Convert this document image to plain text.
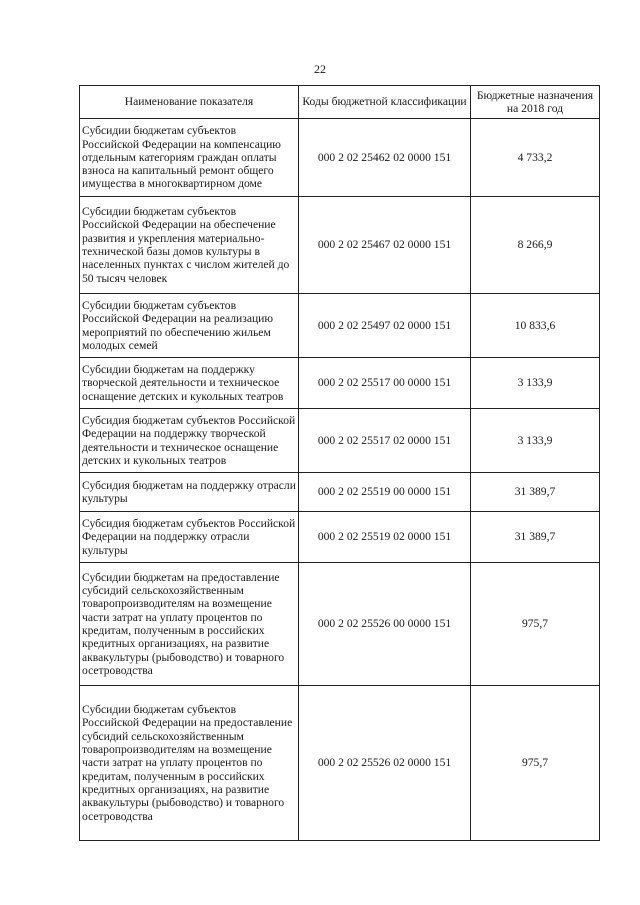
22
Наименование показателя	Коды бюджетной классификации	Бюджетные назначения на 2018 год
Субсидии бюджетам субъектов Российской Федерации на компенсацию отдельным категориям граждан оплаты взноса на капитальный ремонт общего имущества в многоквартирном доме	000 2 02 25462 02 0000 151	4 733,2
Субсидии бюджетам субъектов Российской Федерации на обеспечение развития и укрепления материально-технической базы домов культуры в населенных пунктах с числом жителей до 50 тысяч человек	000 2 02 25467 02 0000 151	8 266,9
Субсидии бюджетам субъектов Российской Федерации на реализацию мероприятий по обеспечению жильем молодых семей	000 2 02 25497 02 0000 151	10 833,6
Субсидии бюджетам на поддержку творческой деятельности и техническое оснащение детских и кукольных театров	000 2 02 25517 00 0000 151	3 133,9
Субсидия бюджетам субъектов Российской Федерации на поддержку творческой деятельности и техническое оснащение детских и кукольных театров	000 2 02 25517 02 0000 151	3 133,9
Субсидия бюджетам на поддержку отрасли культуры	000 2 02 25519 00 0000 151	31 389,7
Субсидия бюджетам субъектов Российской Федерации на поддержку отрасли культуры	000 2 02 25519 02 0000 151	31 389,7
Субсидии бюджетам на предоставление субсидий сельскохозяйственным товаропроизводителям на возмещение части затрат на уплату процентов по кредитам, полученным в российских кредитных организациях, на развитие аквакультуры (рыбоводство) и товарного осетроводства	000 2 02 25526 00 0000 151	975,7
Субсидии бюджетам субъектов Российской Федерации на предоставление субсидий сельскохозяйственным товаропроизводителям на возмещение части затрат на уплату процентов по кредитам, полученным в российских кредитных организациях, на развитие аквакультуры (рыбоводство) и товарного осетроводства	000 2 02 25526 02 0000 151	975,7
